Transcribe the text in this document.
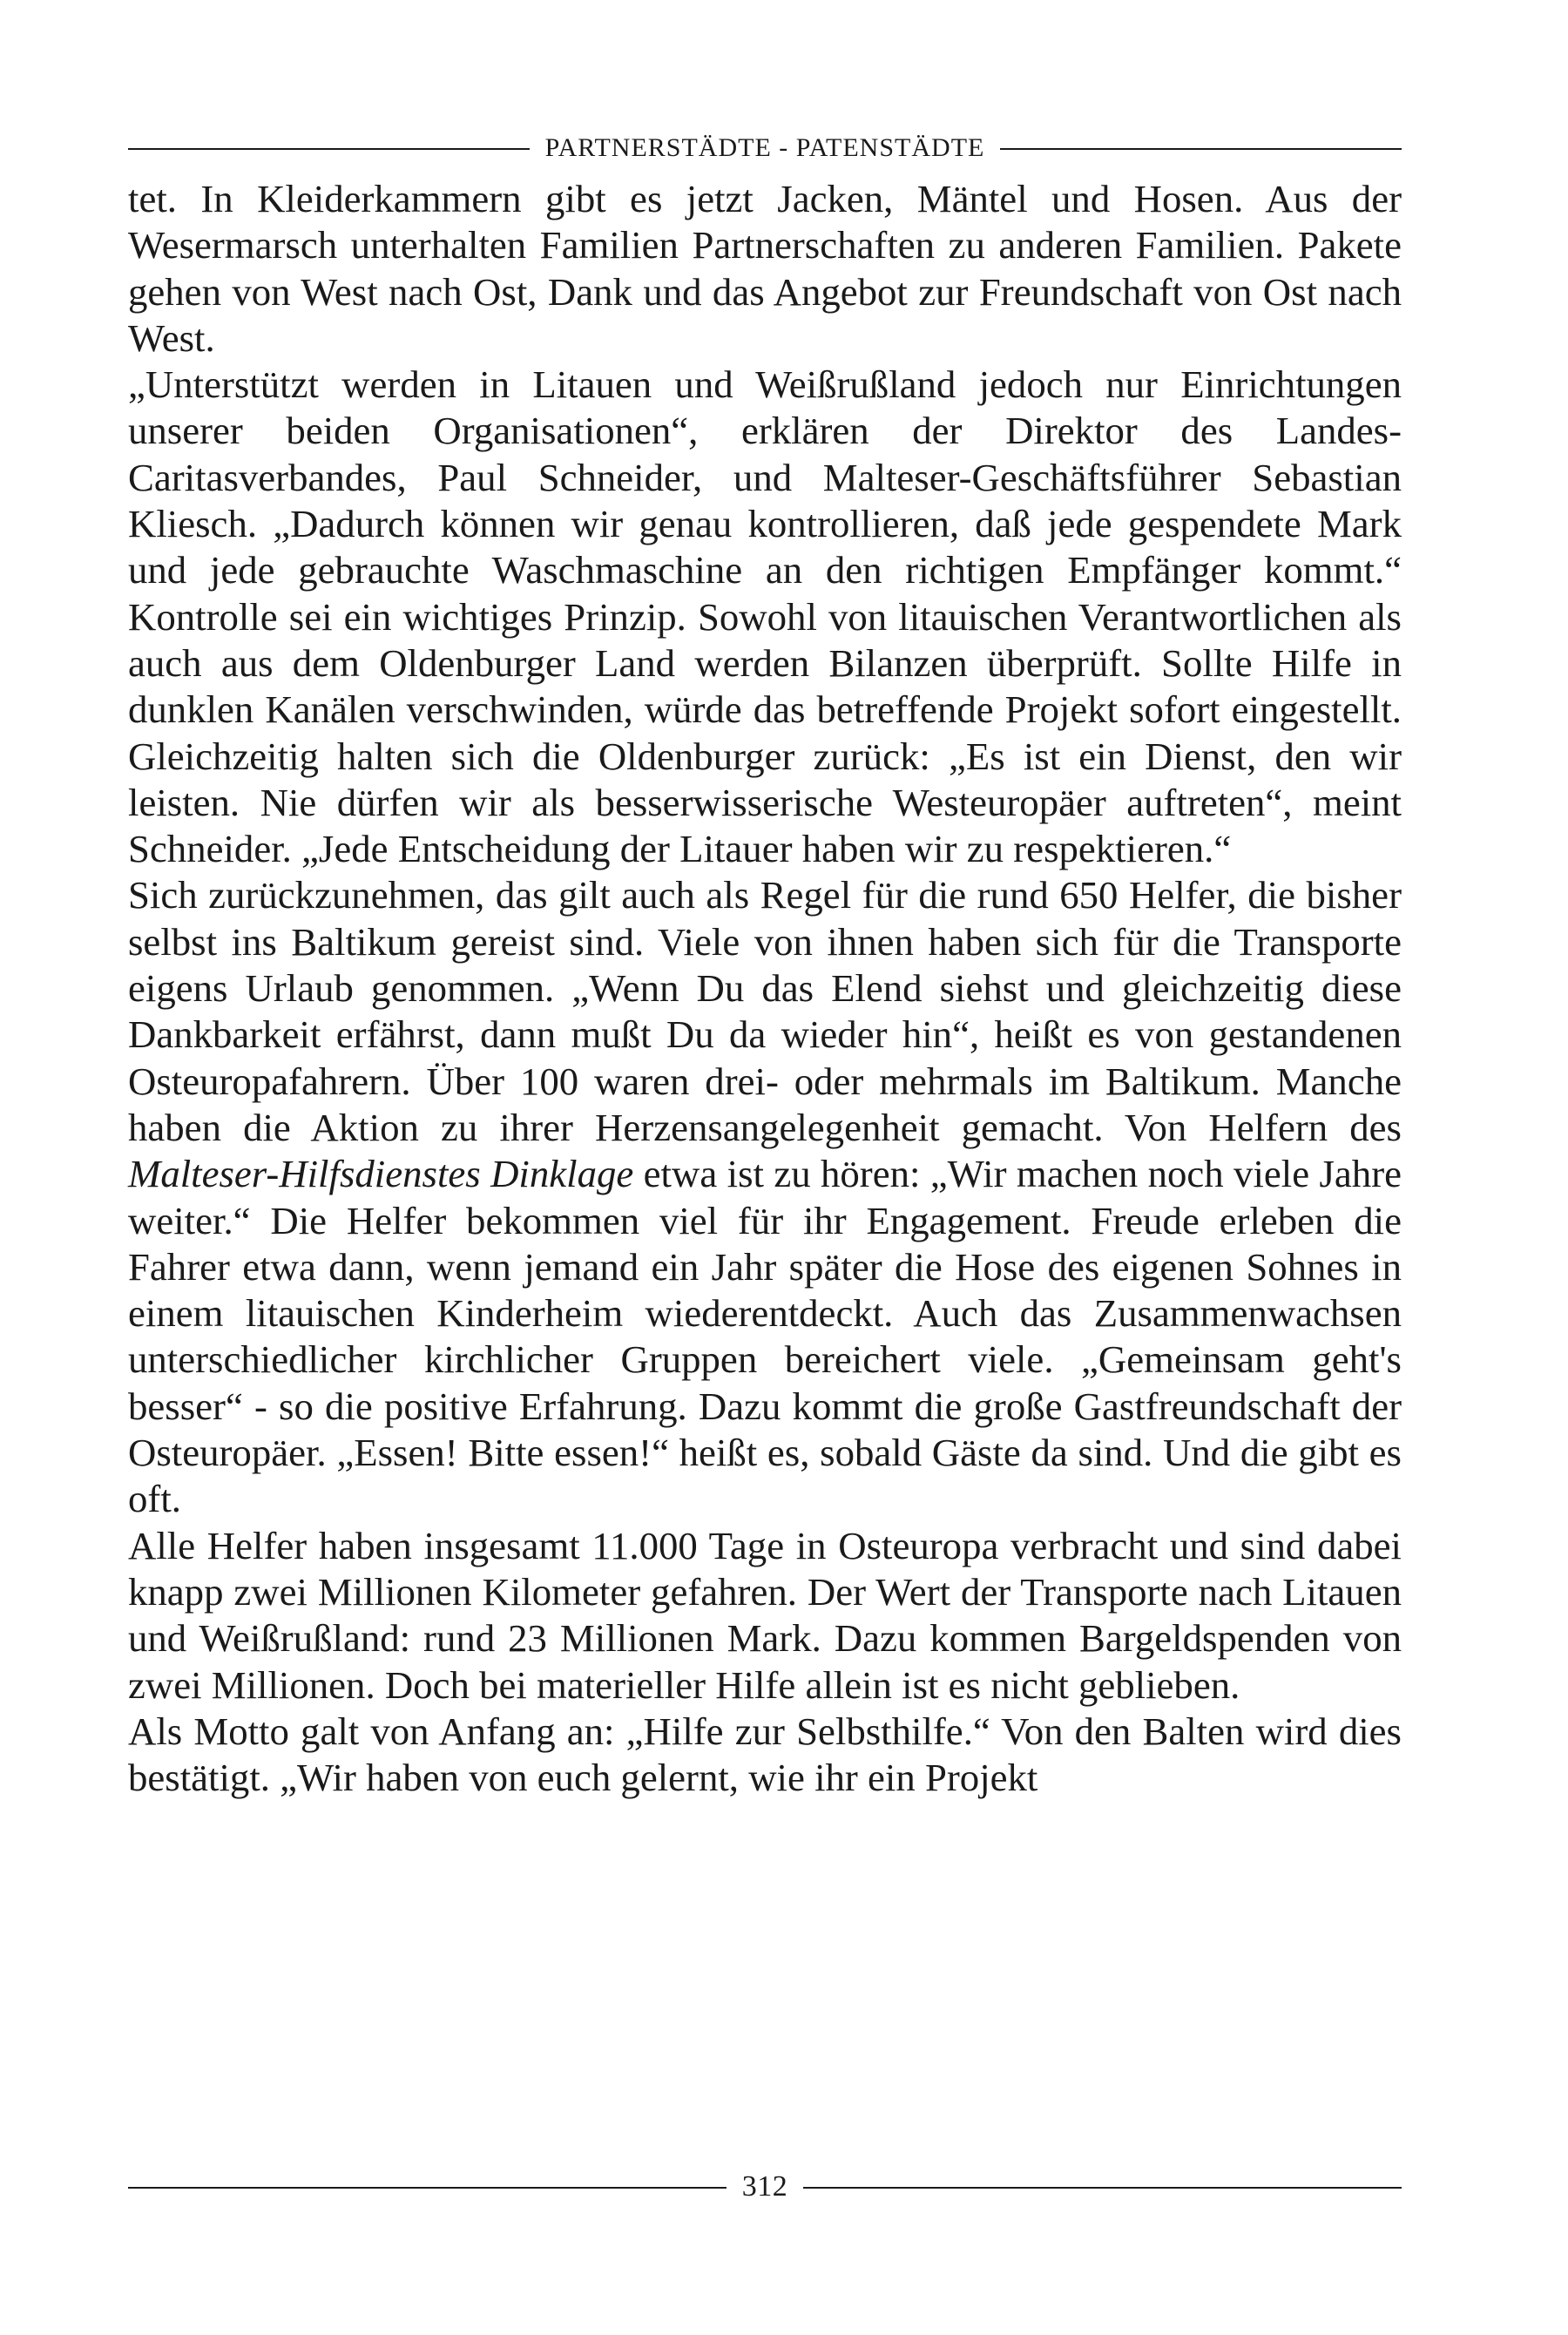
PARTNERSTÄDTE - PATENSTÄDTE

tet. In Kleiderkammern gibt es jetzt Jacken, Mäntel und Hosen. Aus der Wesermarsch unterhalten Familien Partnerschaften zu anderen Familien. Pakete gehen von West nach Ost, Dank und das Angebot zur Freundschaft von Ost nach West.

„Unterstützt werden in Litauen und Weißrußland jedoch nur Einrichtungen unserer beiden Organisationen“, erklären der Direktor des Landes-Caritasverbandes, Paul Schneider, und Malteser-Geschäftsführer Sebastian Kliesch. „Dadurch können wir genau kontrollieren, daß jede gespendete Mark und jede gebrauchte Waschmaschine an den richtigen Empfänger kommt.“ Kontrolle sei ein wichtiges Prinzip. Sowohl von litauischen Verantwortlichen als auch aus dem Oldenburger Land werden Bilanzen überprüft. Sollte Hilfe in dunklen Kanälen verschwinden, würde das betreffende Projekt sofort eingestellt. Gleichzeitig halten sich die Oldenburger zurück: „Es ist ein Dienst, den wir leisten. Nie dürfen wir als besserwisserische Westeuropäer auftreten“, meint Schneider. „Jede Entscheidung der Litauer haben wir zu respektieren.“

Sich zurückzunehmen, das gilt auch als Regel für die rund 650 Helfer, die bisher selbst ins Baltikum gereist sind. Viele von ihnen haben sich für die Transporte eigens Urlaub genommen. „Wenn Du das Elend siehst und gleichzeitig diese Dankbarkeit erfährst, dann mußt Du da wieder hin“, heißt es von gestandenen Osteuropafahrern. Über 100 waren drei- oder mehrmals im Baltikum. Manche haben die Aktion zu ihrer Herzensangelegenheit gemacht. Von Helfern des Malteser-Hilfsdienstes Dinklage etwa ist zu hören: „Wir machen noch viele Jahre weiter.“ Die Helfer bekommen viel für ihr Engagement. Freude erleben die Fahrer etwa dann, wenn jemand ein Jahr später die Hose des eigenen Sohnes in einem litauischen Kinderheim wiederentdeckt. Auch das Zusammenwachsen unterschiedlicher kirchlicher Gruppen bereichert viele. „Gemeinsam geht's besser“ - so die positive Erfahrung. Dazu kommt die große Gastfreundschaft der Osteuropäer. „Essen! Bitte essen!“ heißt es, sobald Gäste da sind. Und die gibt es oft.

Alle Helfer haben insgesamt 11.000 Tage in Osteuropa verbracht und sind dabei knapp zwei Millionen Kilometer gefahren. Der Wert der Transporte nach Litauen und Weißrußland: rund 23 Millionen Mark. Dazu kommen Bargeldspenden von zwei Millionen. Doch bei materieller Hilfe allein ist es nicht geblieben.

Als Motto galt von Anfang an: „Hilfe zur Selbsthilfe.“ Von den Balten wird dies bestätigt. „Wir haben von euch gelernt, wie ihr ein Projekt

312
